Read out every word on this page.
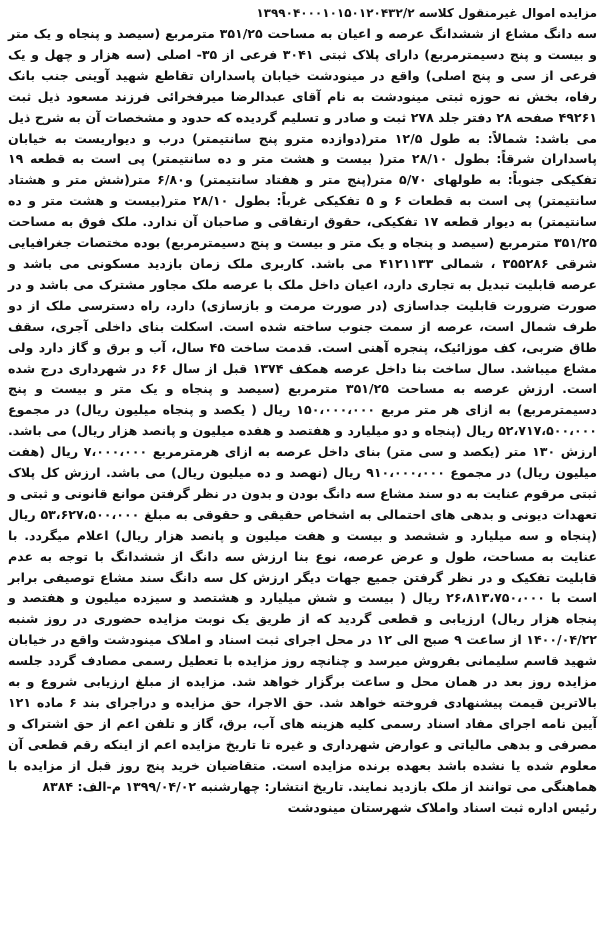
مزایده اموال غیرمنقول کلاسه ۱۳۹۹۰۴۰۰۰۱۰۱۵۰۱۲۰۴۳۲/۲

سه دانگ مشاع از ششدانگ عرصه و اعیان به مساحت ۳۵۱/۲۵ مترمربع (سیصد و پنجاه و یک متر و بیست و پنج دسیمترمربع) دارای پلاک ثبتی ۳۰۴۱ فرعی از ۳۵- اصلی (سه هزار و چهل و یک فرعی از سی و پنج اصلی) واقع در مینودشت خیابان پاسداران تقاطع شهید آوینی جنب بانک رفاه، بخش نه حوزه ثبتی مینودشت به نام آقای عبدالرضا میرفخرائی فرزند مسعود ذیل ثبت ۴۹۲۶۱ صفحه ۲۸ دفتر جلد ۲۷۸ ثبت و صادر و تسلیم گردیده که حدود و مشخصات آن به شرح ذیل می باشد: شمالاً: به طول ۱۲/۵ متر(دوازده مترو پنج سانتیمتر) درب و دیواریست به خیابان پاسداران شرقاً: بطول ۲۸/۱۰ متر( بیست و هشت متر و ده سانتیمتر) پی است به قطعه ۱۹ تفکیکی جنوباً: به طولهای ۵/۷۰ متر(پنج متر و هفتاد سانتیمتر) و۶/۸۰ متر(شش متر و هشتاد سانتیمتر) پی است به قطعات ۶ و ۵ تفکیکی غرباً: بطول ۲۸/۱۰ متر(بیست و هشت متر و ده سانتیمتر) به دیوار قطعه ۱۷ تفکیکی، حقوق ارتفاقی و صاحبان آن ندارد. ملک فوق به مساحت ۳۵۱/۲۵ مترمربع (سیصد و پنجاه و یک متر و بیست و پنج دسیمترمربع) بوده مختصات جغرافیایی شرقی ۳۵۵۲۸۶ ، شمالی ۴۱۲۱۱۳۳ می باشد. کاربری ملک زمان بازدید مسکونی می باشد و عرصه قابلیت تبدیل به تجاری دارد، اعیان داخل ملک با عرصه ملک مجاور مشترک می باشد و در صورت ضرورت قابلیت جداسازی (در صورت مرمت و بازسازی) دارد، راه دسترسی ملک از دو طرف شمال است، عرصه از سمت جنوب ساخته شده است. اسکلت بنای داخلی آجری، سقف طاق ضربی، کف موزائیک، پنجره آهنی است. قدمت ساخت ۴۵ سال، آب و برق و گاز دارد ولی مشاع میباشد. سال ساخت بنا داخل عرصه همکف ۱۳۷۴ قبل از سال ۶۶ در شهرداری درج شده است. ارزش عرصه به مساحت ۳۵۱/۲۵ مترمربع (سیصد و پنجاه و یک متر و بیست و پنج دسیمترمربع) به ازای هر متر مربع ۱۵۰،۰۰۰،۰۰۰ ریال ( یکصد و پنجاه میلیون ریال) در مجموع ۵۲،۷۱۷،۵۰۰،۰۰۰ ریال (پنجاه و دو میلیارد و هفتصد و هفده میلیون و پانصد هزار ریال) می باشد. ارزش ۱۳۰ متر (یکصد و سی متر) بنای داخل عرصه به ازای هرمترمربع ۷،۰۰۰،۰۰۰ ریال (هفت میلیون ریال) در مجموع ۹۱۰،۰۰۰،۰۰۰ ریال (نهصد و ده میلیون ریال) می باشد. ارزش کل پلاک ثبتی مرقوم عنایت به دو سند مشاع سه دانگ بودن و بدون در نظر گرفتن موانع قانونی و ثبتی و تعهدات دیونی و بدهی های احتمالی به اشخاص حقیقی و حقوقی به مبلغ ۵۳،۶۲۷،۵۰۰،۰۰۰ ریال (پنجاه و سه میلیارد و ششصد و بیست و هفت میلیون و پانصد هزار ریال) اعلام میگردد. با عنایت به مساحت، طول و عرض عرصه، نوع بنا ارزش سه دانگ از ششدانگ با توجه به عدم قابلیت تفکیک و در نظر گرفتن جمیع جهات دیگر ارزش کل سه دانگ سند مشاع توصیفی برابر است با ۲۶،۸۱۳،۷۵۰،۰۰۰ ریال ( بیست و شش میلیارد و هشتصد و سیزده میلیون و هفتصد و پنجاه هزار ریال) ارزیابی و قطعی گردید که از طریق یک نوبت مزایده حضوری در روز شنبه ۱۴۰۰/۰۴/۲۲ از ساعت ۹ صبح الی ۱۲ در محل اجرای ثبت اسناد و املاک مینودشت واقع در خیابان شهید قاسم سلیمانی بفروش میرسد و چنانچه روز مزایده با تعطیل رسمی مصادف گردد جلسه مزایده روز بعد در همان محل و ساعت برگزار خواهد شد. مزایده از مبلغ ارزیابی شروع و به بالاترین قیمت پیشنهادی فروخته خواهد شد. حق الاجرا، حق مزایده و دراجرای بند ۶ ماده ۱۲۱ آیین نامه اجرای مفاد اسناد رسمی کلیه هزینه های آب، برق، گاز و تلفن اعم از حق اشتراک و مصرفی و بدهی مالیاتی و عوارض شهرداری و غیره تا تاریخ مزایده اعم از اینکه رقم قطعی آن معلوم شده یا نشده باشد بعهده برنده مزایده است. متقاضیان خرید پنج روز قبل از مزایده با هماهنگی می توانند از ملک بازدید نمایند. تاریخ انتشار: چهارشنبه ۱۳۹۹/۰۴/۰۲ م-الف: ۸۳۸۴

رئیس اداره ثبت اسناد واملاک شهرستان مینودشت
